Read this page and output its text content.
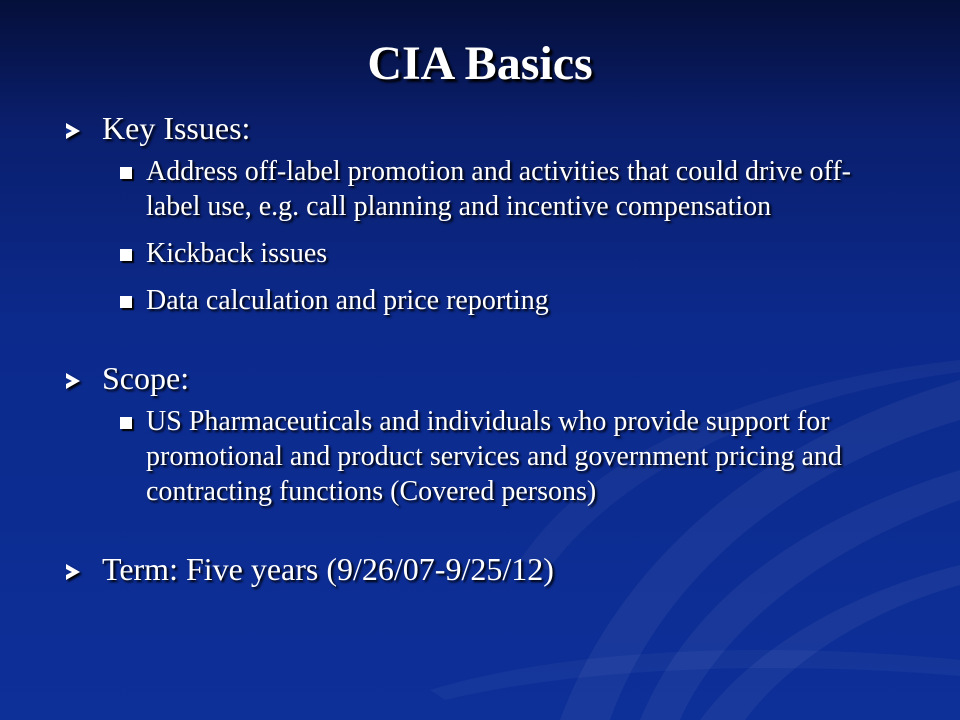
CIA Basics
Key Issues:
Address off-label promotion and activities that could drive off-label use, e.g. call planning and incentive compensation
Kickback issues
Data calculation and price reporting
Scope:
US Pharmaceuticals and individuals who provide support for promotional and product services and government pricing and contracting functions (Covered persons)
Term: Five years (9/26/07-9/25/12)
